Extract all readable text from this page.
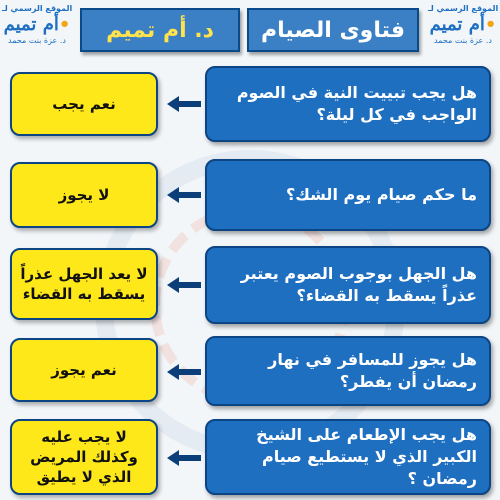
الموقع الرسمي لـ
أم تميم•
د. عزة بنت محمد
الموقع الرسمي لـ
أم تميم•
د. عزة بنت محمد
فتاوى الصيام
د. أم تميم
هل يجب تبييت النية في الصوم الواجب في كل ليلة؟
نعم يجب
ما حكم صيام يوم الشك؟
لا يجوز
هل الجهل بوجوب الصوم يعتبر عذراً يسقط به القضاء؟
لا يعد الجهل عذراً يسقط به القضاء
هل يجوز للمسافر في نهار رمضان أن يفطر؟
نعم يجوز
هل يجب الإطعام على الشيخ الكبير الذي لا يستطيع صيام رمضان ؟
لا يجب عليه وكذلك المريض الذي لا يطيق
